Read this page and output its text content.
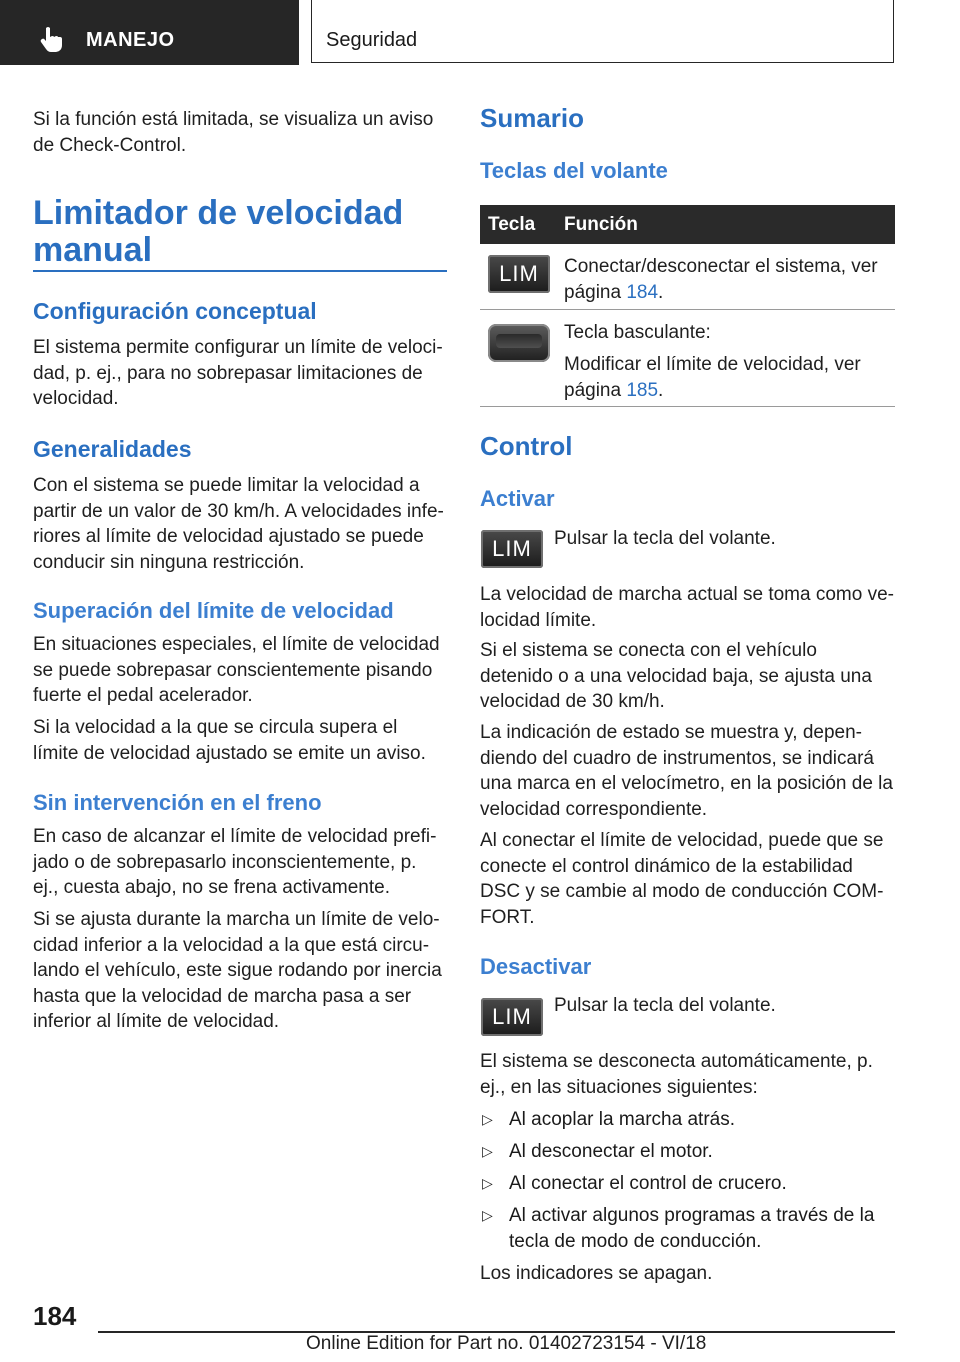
MANEJO	Seguridad

Si la función está limitada, se visualiza un aviso de Check-Control.

Limitador de velocidad manual
Configuración conceptual

El sistema permite configurar un límite de velocidad, p. ej., para no sobrepasar limitaciones de velocidad.

Generalidades

Con el sistema se puede limitar la velocidad a partir de un valor de 30 km/h. A velocidades inferiores al límite de velocidad ajustado se puede conducir sin ninguna restricción.

Superación del límite de velocidad

En situaciones especiales, el límite de velocidad se puede sobrepasar conscientemente pisando fuerte el pedal acelerador.

Si la velocidad a la que se circula supera el límite de velocidad ajustado se emite un aviso.

Sin intervención en el freno

En caso de alcanzar el límite de velocidad prefijado o de sobrepasarlo inconscientemente, p. ej., cuesta abajo, no se frena activamente.

Si se ajusta durante la marcha un límite de velocidad inferior a la velocidad a la que está circulando el vehículo, este sigue rodando por inercia hasta que la velocidad de marcha pasa a ser inferior al límite de velocidad.

Sumario
Teclas del volante
Tecla Función
LIM	Conectar/desconectar el sistema, ver página 184.

Tecla basculante:

Modificar el límite de velocidad, ver página 185.

Control
Activar
LIM	Pulsar la tecla del volante.

La velocidad de marcha actual se toma como velocidad límite.

Si el sistema se conecta con el vehículo detenido o a una velocidad baja, se ajusta una velocidad de 30 km/h.

La indicación de estado se muestra y, dependiendo del cuadro de instrumentos, se indicará una marca en el velocímetro, en la posición de la velocidad correspondiente.

Al conectar el límite de velocidad, puede que se conecte el control dinámico de la estabilidad DSC y se cambie al modo de conducción COMFORT.

Desactivar
LIM	Pulsar la tecla del volante.

El sistema se desconecta automáticamente, p. ej., en las situaciones siguientes:

▷ Al acoplar la marcha atrás.
▷ Al desconectar el motor.
▷ Al conectar el control de crucero.
▷ Al activar algunos programas a través de la tecla de modo de conducción.

Los indicadores se apagan.

184
Online Edition for Part no. 01402723154 - VI/18
